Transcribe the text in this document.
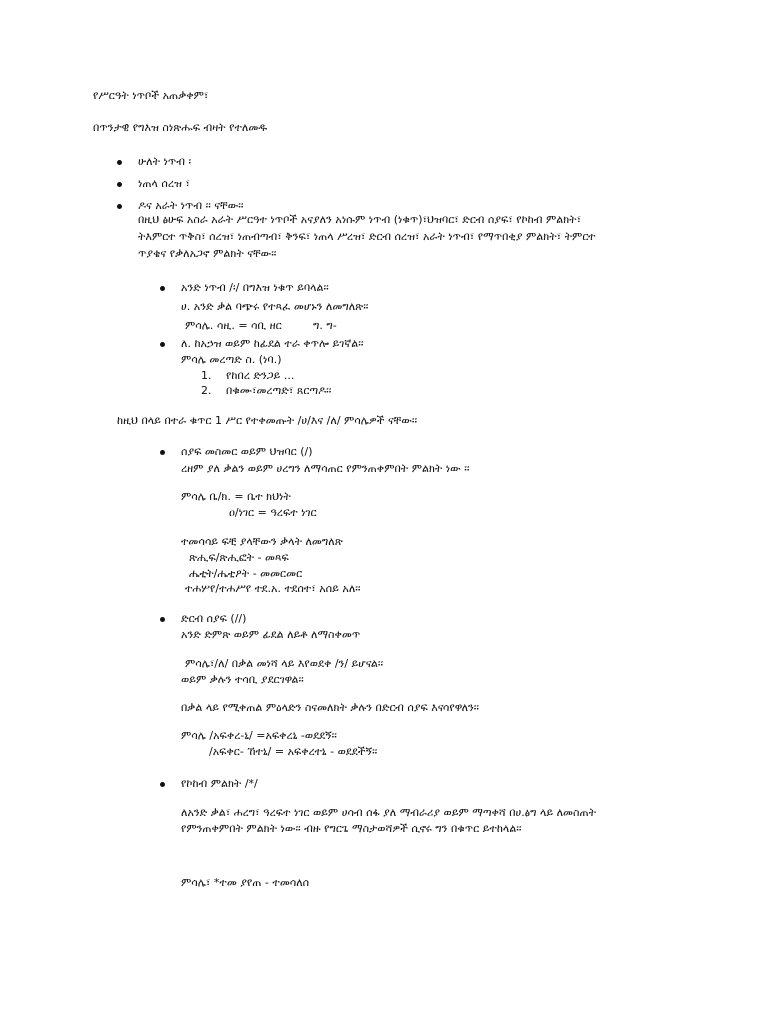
የሥርዓት ነጥቦች አጠቃቀም፣
በጥንታዊ የግእዝ ስነጽሑፍ ብዛት የተለመዱ
ሁለት ነጥብ ፡
ነጠላ ሰረዝ ፣
ዶና አራት ነጥብ ፡፡ ናቸው፡፡
በዚህ ፅሁፍ አስራ አራት ሥርዓተ ነጥቦች አናያለን አነሱም ነጥብ (ነቁጥ)፣ህዝባር፣ ድርብ ሰያፍ፣ የኮከብ ምልክት፣
ትእምርተ ጥቅስ፣ ሰረዝ፣ ነጠብጣብ፣ ቅንፍ፣ ነጠላ ሥረዝ፣ ድርብ ሰረዝ፣ አራት ነጥብ፣ የማጥበቂያ ምልክት፣ ትምርተ
ጥያቄና የቃለአጋኖ ምልክት ናቸው፡፡
አንድ ነጥብ /፡/ በግእዝ ነቁጥ ይባላል፡፡
ሀ. አንድ ቃል ባጭሩ የተጻፈ መሆኑን ለመግለጽ፡፡
ምሳሌ. ሳዚ. = ሳቢ ዘር	ግ. ግ-
ለ. ከአኃዝ ወይም ከፊደል ተራ ቀጥሎ ይገኛል፡፡
ምሳሌ መረጣድ ስ. (ነባ.)
1. የከበረ ድንጋይ ...
2. በቁሙ፣መረጣድ፣ ጸርጣዶ፡፡
ከዚህ በላይ በተራ ቁጥር 1 ሥር የተቀመጡት /ሀ/እና /ለ/ ምሳሌዎች ናቸው፡፡
ሰያፍ መስመር ወይም ህዝባር (/)
ረዘም ያለ ቃልን ወይም ሀረግን ለማሳጠር የምንጠቀምበት ምልክት ነው ፡፡
ምሳሌ ቤ/ክ. = ቤተ ክህነት
ዐ/ነገር = ዓረፍተ ነገር
ተመሳሳይ ፍቺ ያላቸውን ቃላት ለመግለጽ
ጽሒፍ/ጽሒፎት - መጻፍ
ሔቲት/ሔቲዖት - መመርመር
ተሐሦየ/ተሐሥየ ተደ.አ. ተደሰተ፣ አሰይ አለ፡፡
ድርብ ሰያፍ (//)
አንድ ድምጽ ወይም ፊደል ለይቶ ለማስቀመጥ
ምሳሌ፣/ለ/ በቃል መነሻ ላይ እየወደቀ /ን/ ይሆናል፡፡
ወይም ቃሉን ተሳቢ ያደርገዋል፡፡
በቃል ላይ የሚቀጠል ምዕላድን ስናመለክት ቃሉን በድርብ ሰያፍ እናሳየዋለን፡፡
ምሳሌ /አፍቀረ-ኒ/ =አፍቀረኒ -ወደደኝ፡፡
/አፍቀር- ኸተኒ/ = አፍቀረተኒ - ወደደችኝ፡፡
የኮከብ ምልክት /*/
ለአንድ ቃል፣ ሐረግ፣ ዓረፍተ ነገር ወይም ሀሳብ ሰፋ ያለ ማብራሪያ ወይም ማጣቀሻ በሀ.ፅግ ላይ ለመስጠት
የምንጠቀምበት ምልክት ነው፡፡ ብዙ የግርጌ ማስታወሻዎች ሲኖሩ ግን በቁጥር ይተከላል፡፡
ምሳሌ፣ *ተመ ያየጠ - ተመሳለሰ
